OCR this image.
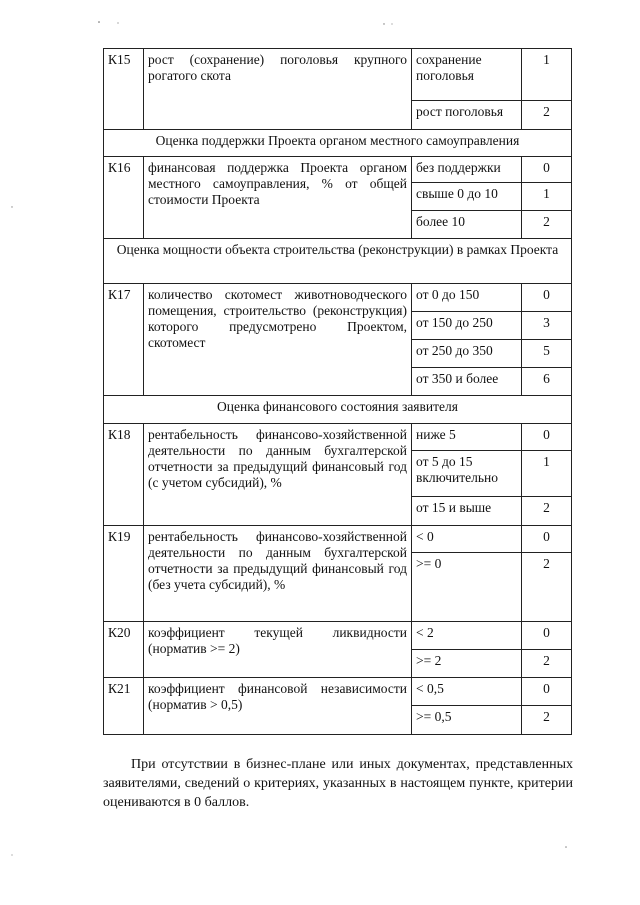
К15	рост (сохранение) поголовья крупного рогатого скота	сохранение поголовья	1
		рост поголовья	2
Оценка поддержки Проекта органом местного самоуправления			
К16	финансовая поддержка Проекта органом местного самоуправления, % от общей стоимости Проекта	без поддержки	0
		свыше 0 до 10	1
		более 10	2
Оценка мощности объекта строительства (реконструкции) в рамках Проекта			
К17	количество скотомест животноводческого помещения, строительство (реконструкция) которого предусмотрено Проектом, скотомест	от 0 до 150	0
		от 150 до 250	3
		от 250 до 350	5
		от 350 и более	6
Оценка финансового состояния заявителя			
К18	рентабельность финансово-хозяйственной деятельности по данным бухгалтерской отчетности за предыдущий финансовый год (с учетом субсидий), %	ниже 5	0
		от 5 до 15 включительно	1
		от 15 и выше	2
К19	рентабельность финансово-хозяйственной деятельности по данным бухгалтерской отчетности за предыдущий финансовый год (без учета субсидий), %	< 0	0
		>= 0	2
К20	коэффициент текущей ликвидности (норматив >= 2)	< 2	0
		>= 2	2
К21	коэффициент финансовой независимости (норматив > 0,5)	< 0,5	0
		>= 0,5	2

При отсутствии в бизнес-плане или иных документах, представленных заявителями, сведений о критериях, указанных в настоящем пункте, критерии оцениваются в 0 баллов.
